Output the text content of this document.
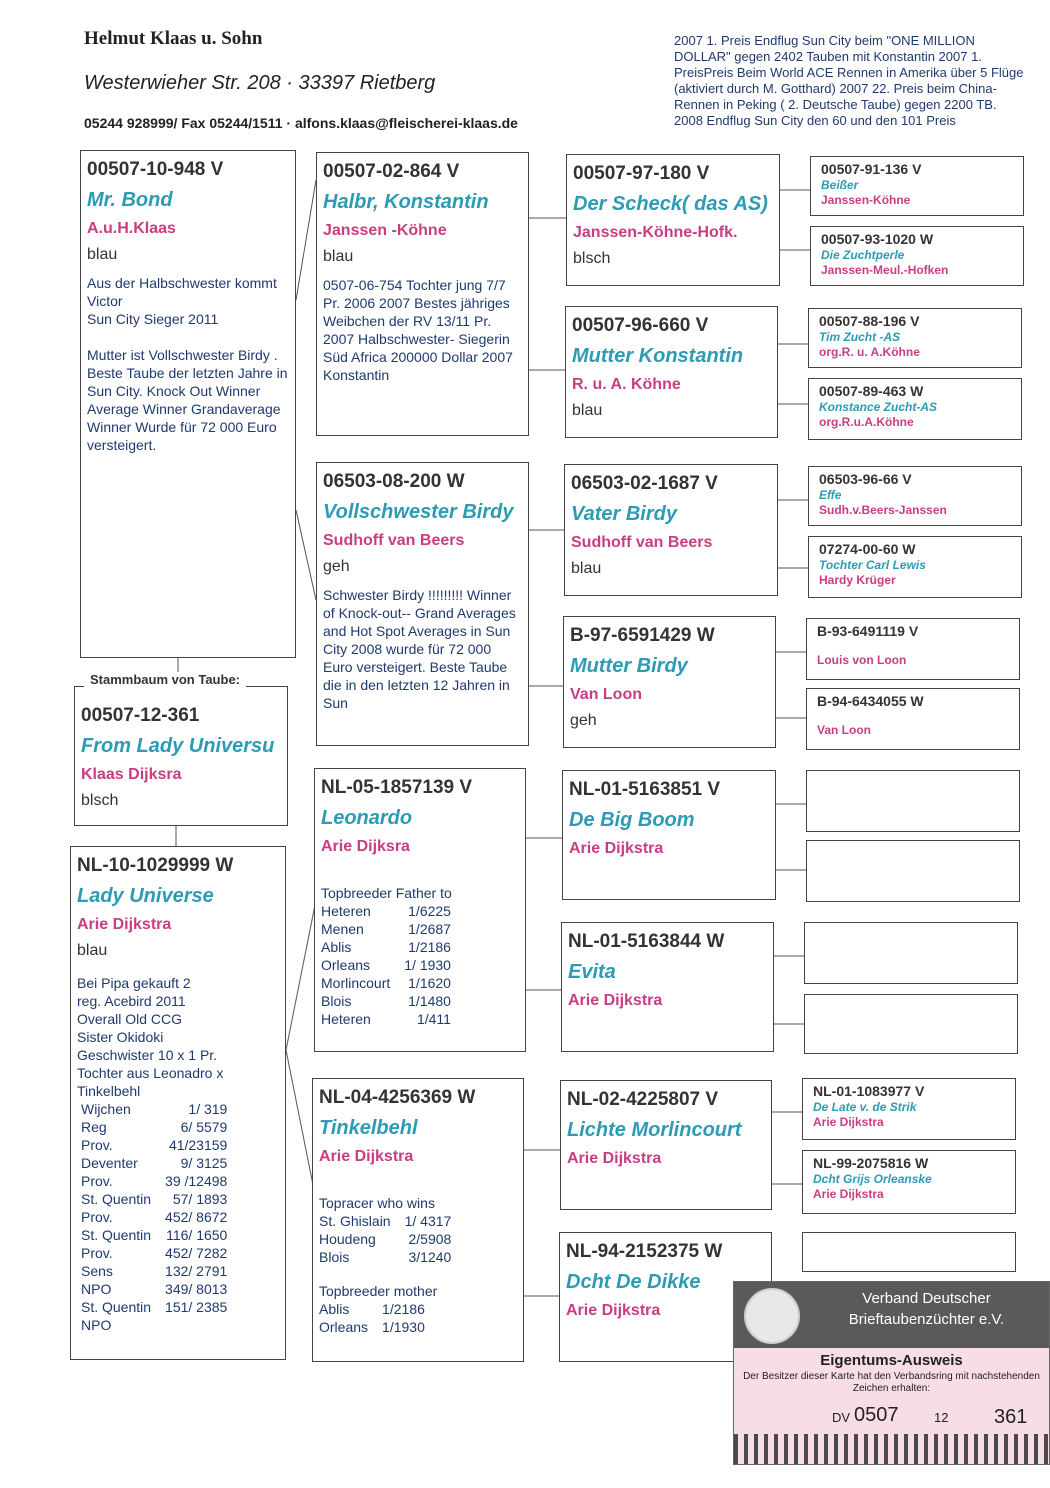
Helmut Klaas u. Sohn
Westerwieher Str. 208 · 33397 Rietberg
05244 928999/ Fax 05244/1511 · alfons.klaas@fleischerei-klaas.de
2007 1. Preis Endflug Sun City beim "ONE MILLION DOLLAR" gegen 2402 Tauben mit Konstantin 2007 1. PreisPreis Beim World ACE Rennen in Amerika über 5 Flüge (aktiviert durch M. Gotthard) 2007 22. Preis beim China-Rennen in Peking ( 2. Deutsche Taube) gegen 2200 TB. 2008 Endflug Sun City den 60 und den 101 Preis
00507-10-948 V
Mr. Bond
A.u.H.Klaas
blau
Aus der Halbschwester kommt Victor
Sun City Sieger 2011

Mutter ist Vollschwester Birdy . Beste Taube der letzten Jahre in Sun City. Knock Out Winner Average Winner Grandaverage Winner Wurde für 72 000 Euro versteigert.
00507-12-361
From Lady Universu
Klaas Dijksra
blsch
Stammbaum von Taube:
NL-10-1029999 W
Lady Universe
Arie Dijkstra
blau
Bei Pipa gekauft 2
reg. Acebird 2011
Overall Old CCG
Sister Okidoki
Geschwister 10 x 1 Pr.
Tochter aus Leonadro x Tinkelbehl
Wijchen	1/ 319
Reg	6/ 5579
Prov.	41/23159
Deventer	9/ 3125
Prov.	39 /12498
St. Quentin	57/ 1893
Prov.	452/ 8672
St. Quentin 116/ 1650
Prov.	452/ 7282
Sens	132/ 2791
NPO	349/ 8013
St. Quentin 151/ 2385
NPO
00507-02-864 V
Halbr, Konstantin
Janssen -Köhne
blau
0507-06-754 Tochter jung 7/7 Pr. 2006 2007 Bestes jähriges Weibchen der RV 13/11 Pr. 2007 Halbschwester- Siegerin Süd Africa 200000 Dollar 2007 Konstantin
06503-08-200 W
Vollschwester Birdy
Sudhoff van Beers
geh
Schwester Birdy !!!!!!!!! Winner of Knock-out-- Grand Averages and Hot Spot Averages in Sun City 2008 wurde für 72 000 Euro versteigert. Beste Taube die in den letzten 12 Jahren in Sun
NL-05-1857139 V
Leonardo
Arie Dijksra
Topbreeder Father to
Heteren	1/6225
Menen	1/2687
Ablis	1/2186
Orleans	1/ 1930
Morlincourt 1/1620
Blois	1/1480
Heteren	1/411
NL-04-4256369 W
Tinkelbehl
Arie Dijkstra
Topracer who wins
St. Ghislain 1/ 4317
Houdeng	2/5908
Blois	3/1240
Topbreeder mother
Ablis	1/2186
Orleans 1/1930
00507-97-180 V
Der Scheck( das AS)
Janssen-Köhne-Hofk.
blsch
00507-96-660 V
Mutter Konstantin
R. u. A. Köhne
blau
06503-02-1687 V
Vater Birdy
Sudhoff van Beers
blau
B-97-6591429 W
Mutter Birdy
Van Loon
geh
NL-01-5163851 V
De Big Boom
Arie Dijkstra
NL-01-5163844 W
Evita
Arie Dijkstra
NL-02-4225807 V
Lichte Morlincourt
Arie Dijkstra
NL-94-2152375 W
Dcht De Dikke
Arie Dijkstra
00507-91-136 V
Beißer
Janssen-Köhne
00507-93-1020 W
Die Zuchtperle
Janssen-Meul.-Hofken
00507-88-196 V
Tim Zucht -AS
org.R. u. A.Köhne
00507-89-463 W
Konstance Zucht-AS
org.R.u.A.Köhne
06503-96-66 V
Effe
Sudh.v.Beers-Janssen
07274-00-60 W
Tochter Carl Lewis
Hardy Krüger
B-93-6491119 V
Louis von Loon
B-94-6434055 W
Van Loon
NL-01-1083977 V
De Late v. de Strik
Arie Dijkstra
NL-99-2075816 W
Dcht Grijs Orleanske
Arie Dijkstra
Verband Deutscher
Brieftaubenzüchter e.V.
Eigentums-Ausweis
Der Besitzer dieser Karte hat den Verbandsring mit nachstehenden Zeichen erhalten:
DV 0507	12 361
